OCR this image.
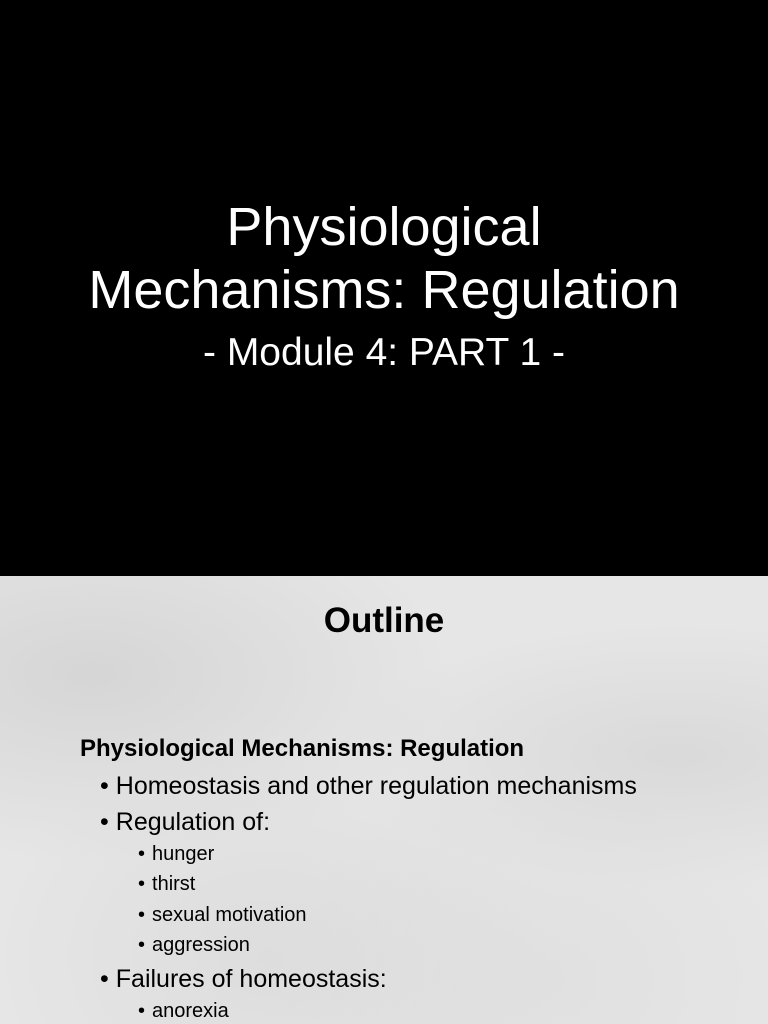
Physiological
Mechanisms: Regulation
- Module 4: PART 1 -
Outline
Physiological Mechanisms: Regulation
• Homeostasis and other regulation mechanisms
• Regulation of:
• hunger
• thirst
• sexual motivation
• aggression
• Failures of homeostasis:
• anorexia
